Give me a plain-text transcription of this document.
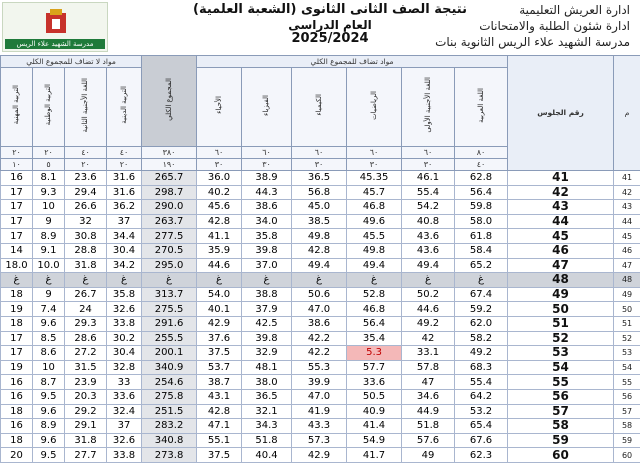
مدرسة الشهيد علاء الريس
نتيجة الصف الثانى الثانوى (الشعبة العلمية)
العام الدراسى
2025/2024
ادارة العريش التعليمية
ادارة شئون الطلبة والامتحانات
مدرسة الشهيد علاء الريس الثانوية بنات
مواد لا تضاف للمجموع الكلي				المجموع الكلي	مواد تضاف للمجموع الكلي						رقم الجلوس	م
التربية المهنية	التربية الوطنية	اللغة الأجنبية الثانية	التربية الدينية		الأحياء	الفيزياء	الكيمياء	الرياضيات	اللغة الأجنبية الأولى	اللغة العربية		
٢٠	٢٠	٤٠	٤٠	٣٨٠	٦٠	٦٠	٦٠	٦٠	٦٠	٨٠		
١٠	٥	٢٠	٢٠	١٩٠	٣٠	٣٠	٣٠	٣٠	٣٠	٤٠		
16	8.1	23.6	31.6	265.7	36.0	38.9	36.5	45.35	46.1	62.8	41	41
17	9.3	29.4	31.6	298.7	40.2	44.3	56.8	45.7	55.4	56.4	42	42
17	10	26.6	36.2	290.0	45.6	38.6	45.0	46.8	54.2	59.8	43	43
17	9	32	37	263.7	42.8	34.0	38.5	49.6	40.8	58.0	44	44
17	8.9	30.8	34.4	277.5	41.1	35.8	49.8	45.5	43.6	61.8	45	45
14	9.1	28.8	30.4	270.5	35.9	39.8	42.8	49.8	43.6	58.4	46	46
18.0	10.0	31.8	34.2	295.0	44.6	37.0	49.4	49.4	49.4	65.2	47	47
غ	غ	غ	غ	غ	غ	غ	غ	غ	غ	غ	48	48
18	9	26.7	35.8	313.7	54.0	38.8	50.6	52.8	50.2	67.4	49	49
19	7.4	24	32.6	275.5	40.1	37.9	47.0	46.8	44.6	59.2	50	50
18	9.6	29.3	33.8	291.6	42.9	42.5	38.6	56.4	49.2	62.0	51	51
17	8.5	28.6	30.2	255.5	37.6	39.8	42.2	35.4	42	58.2	52	52
17	8.6	27.2	30.4	200.1	37.5	32.9	42.2	5.3	33.1	49.2	53	53
19	10	31.5	32.8	340.9	53.7	48.1	55.3	57.7	57.8	68.3	54	54
16	8.7	23.9	33	254.6	38.7	38.0	39.9	33.6	47	55.4	55	55
16	9.5	20.3	33.6	275.8	43.1	36.5	47.0	50.5	34.6	64.2	56	56
18	9.6	29.2	32.4	251.5	42.8	32.1	41.9	40.9	44.9	53.2	57	57
16	8.9	29.1	37	283.2	47.1	34.3	43.3	41.4	51.8	65.4	58	58
18	9.6	31.8	32.6	340.8	55.1	51.8	57.3	54.9	57.6	67.6	59	59
20	9.5	27.7	33.8	273.8	37.5	40.4	42.9	41.7	49	62.3	60	60
